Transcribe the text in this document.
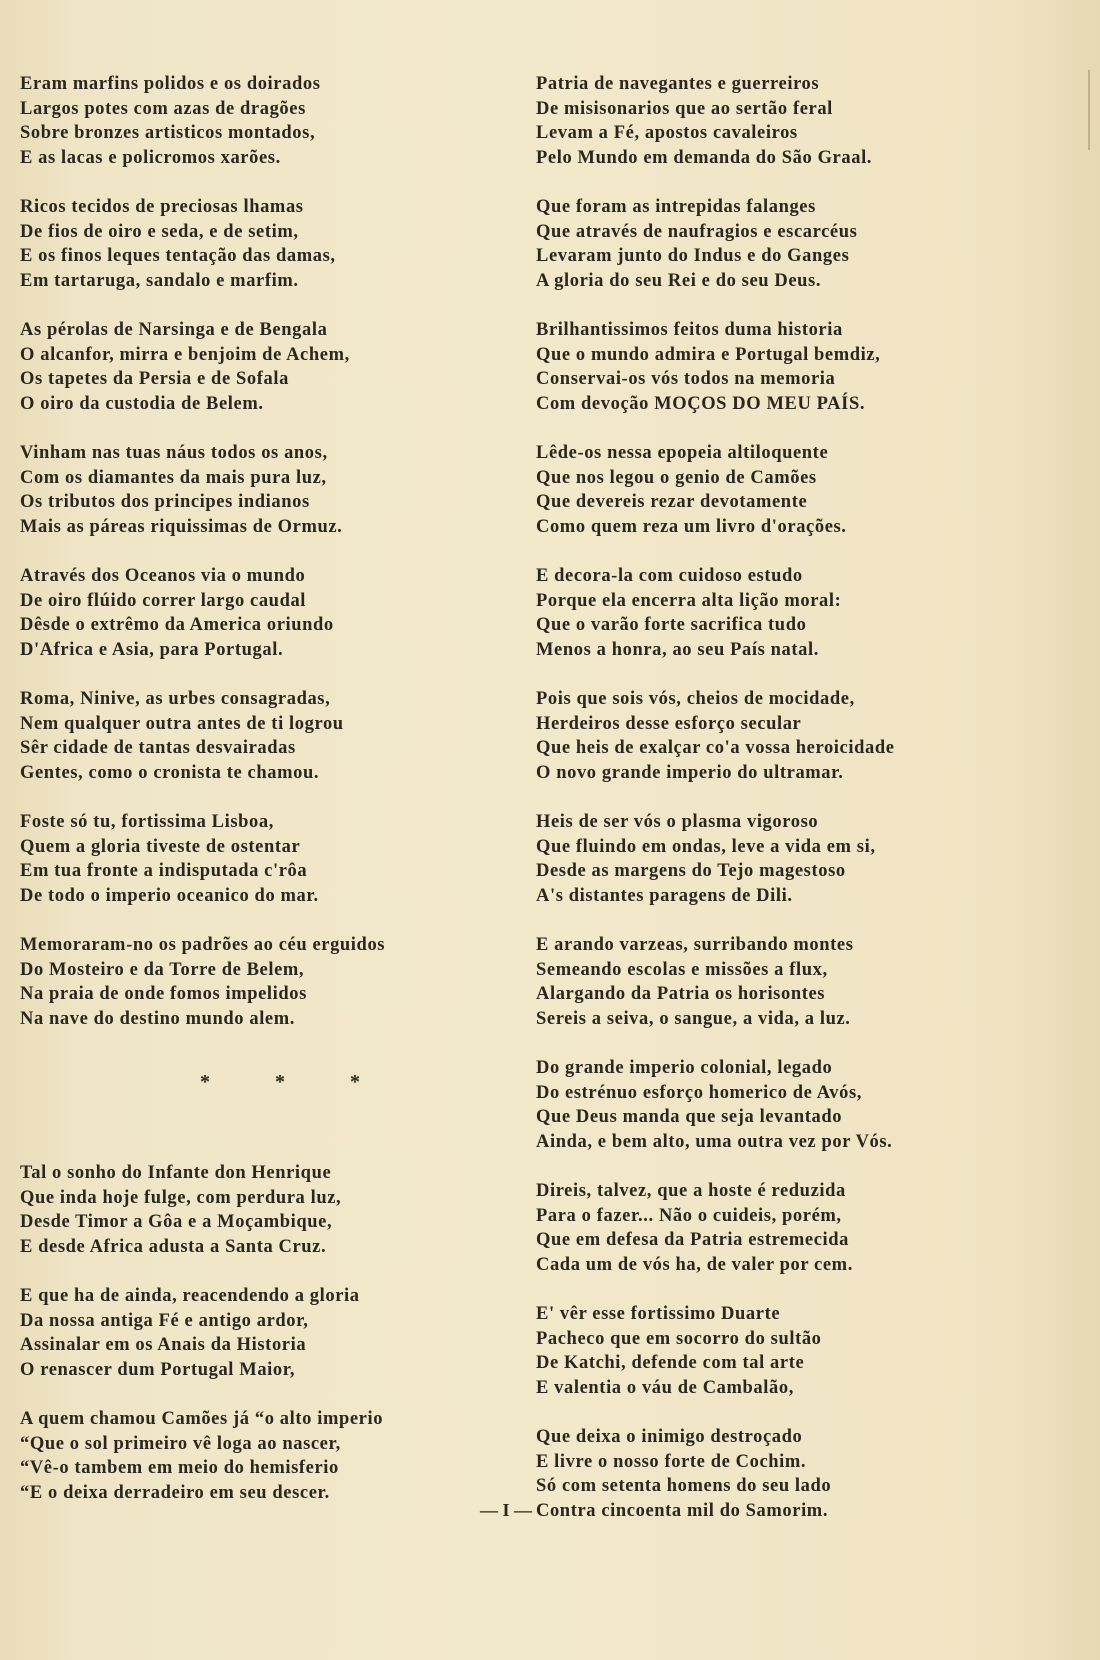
Eram marfins polidos e os doirados
Largos potes com azas de dragões
Sobre bronzes artisticos montados,
E as lacas e policromos xarões.
Ricos tecidos de preciosas lhamas
De fios de oiro e seda, e de setim,
E os finos leques tentação das damas,
Em tartaruga, sandalo e marfim.
As pérolas de Narsinga e de Bengala
O alcanfor, mirra e benjoim de Achem,
Os tapetes da Persia e de Sofala
O oiro da custodia de Belem.
Vinham nas tuas náus todos os anos,
Com os diamantes da mais pura luz,
Os tributos dos principes indianos
Mais as páreas riquissimas de Ormuz.
Através dos Oceanos via o mundo
De oiro flúido correr largo caudal
Dêsde o extrêmo da America oriundo
D'Africa e Asia, para Portugal.
Roma, Ninive, as urbes consagradas,
Nem qualquer outra antes de ti logrou
Sêr cidade de tantas desvairadas
Gentes, como o cronista te chamou.
Foste só tu, fortissima Lisboa,
Quem a gloria tiveste de ostentar
Em tua fronte a indisputada c'rôa
De todo o imperio oceanico do mar.
Memoraram-no os padrões ao céu erguidos
Do Mosteiro e da Torre de Belem,
Na praia de onde fomos impelidos
Na nave do destino mundo alem.
* * *
Tal o sonho do Infante don Henrique
Que inda hoje fulge, com perdura luz,
Desde Timor a Gôa e a Moçambique,
E desde Africa adusta a Santa Cruz.
E que ha de ainda, reacendendo a gloria
Da nossa antiga Fé e antigo ardor,
Assinalar em os Anais da Historia
O renascer dum Portugal Maior,
A quem chamou Camões já “o alto imperio
“Que o sol primeiro vê loga ao nascer,
“Vê-o tambem em meio do hemisferio
“E o deixa derradeiro em seu descer.
Patria de navegantes e guerreiros
De misisonarios que ao sertão feral
Levam a Fé, apostos cavaleiros
Pelo Mundo em demanda do São Graal.
Que foram as intrepidas falanges
Que através de naufragios e escarcéus
Levaram junto do Indus e do Ganges
A gloria do seu Rei e do seu Deus.
Brilhantissimos feitos duma historia
Que o mundo admira e Portugal bemdiz,
Conservai-os vós todos na memoria
Com devoção MOÇOS DO MEU PAÍS.
Lêde-os nessa epopeia altiloquente
Que nos legou o genio de Camões
Que devereis rezar devotamente
Como quem reza um livro d'orações.
E decora-la com cuidoso estudo
Porque ela encerra alta lição moral:
Que o varão forte sacrifica tudo
Menos a honra, ao seu País natal.
Pois que sois vós, cheios de mocidade,
Herdeiros desse esforço secular
Que heis de exalçar co'a vossa heroicidade
O novo grande imperio do ultramar.
Heis de ser vós o plasma vigoroso
Que fluindo em ondas, leve a vida em si,
Desde as margens do Tejo magestoso
A's distantes paragens de Dili.
E arando varzeas, surribando montes
Semeando escolas e missões a flux,
Alargando da Patria os horisontes
Sereis a seiva, o sangue, a vida, a luz.
Do grande imperio colonial, legado
Do estrénuo esforço homerico de Avós,
Que Deus manda que seja levantado
Ainda, e bem alto, uma outra vez por Vós.
Direis, talvez, que a hoste é reduzida
Para o fazer... Não o cuideis, porém,
Que em defesa da Patria estremecida
Cada um de vós ha, de valer por cem.
E' vêr esse fortissimo Duarte
Pacheco que em socorro do sultão
De Katchi, defende com tal arte
E valentia o váu de Cambalão,
Que deixa o inimigo destroçado
E livre o nosso forte de Cochim.
Só com setenta homens do seu lado
Contra cincoenta mil do Samorim.
— I —
